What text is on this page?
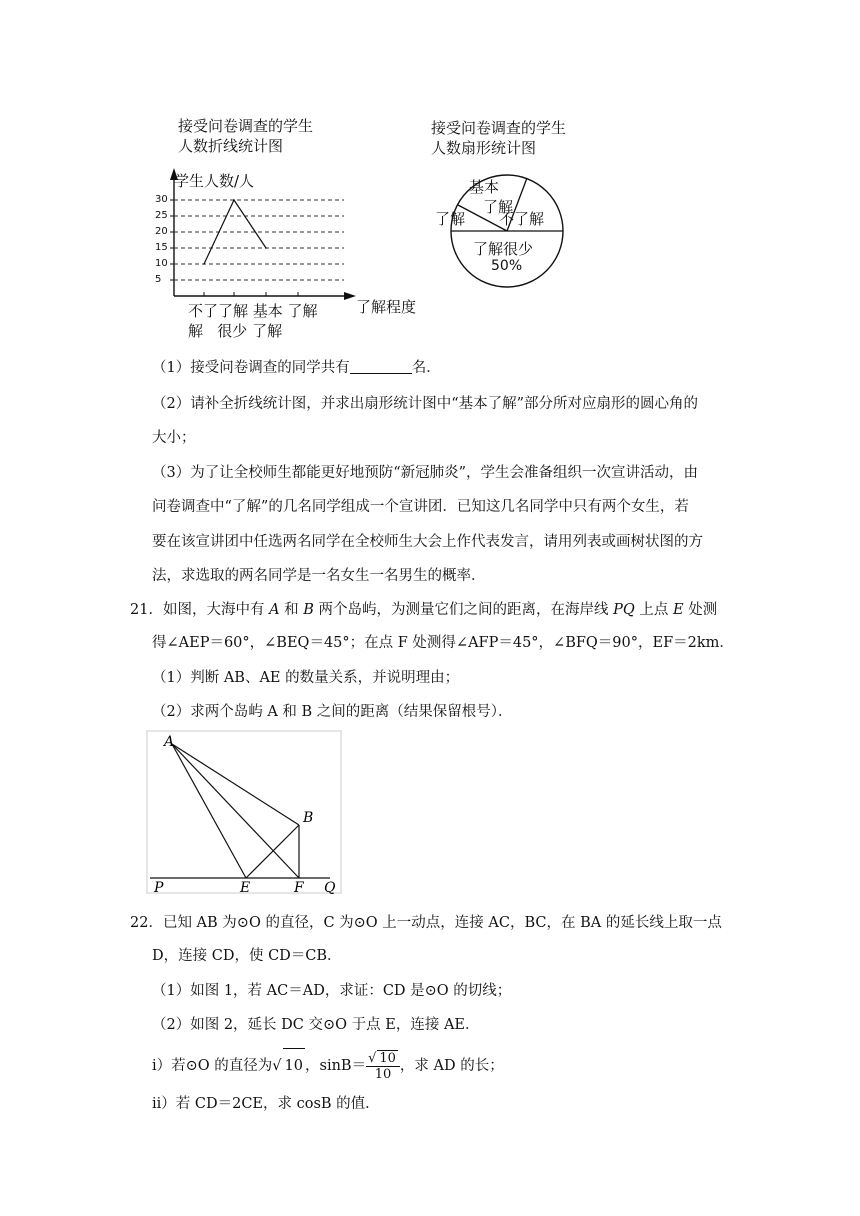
接受问卷调查的学生
人数折线统计图
学生人数/人
5
10
15
20
25
30
了解程度
不了了解 基本 了解
解   很少 了解
接受问卷调查的学生
人数扇形统计图
基本
了解
了解 不了解
了解很少
50%
（1）接受问卷调查的同学共有	名．
（2）请补全折线统计图，并求出扇形统计图中“基本了解”部分所对应扇形的圆心角的
大小；
（3）为了让全校师生都能更好地预防“新冠肺炎”，学生会准备组织一次宣讲活动，由
问卷调查中“了解”的几名同学组成一个宣讲团．已知这几名同学中只有两个女生，若
要在该宣讲团中任选两名同学在全校师生大会上作代表发言，请用列表或画树状图的方
法，求选取的两名同学是一名女生一名男生的概率．
21．如图，大海中有 A 和 B 两个岛屿，为测量它们之间的距离，在海岸线 PQ 上点 E 处测
得∠AEP＝60°，∠BEQ＝45°；在点 F 处测得∠AFP＝45°，∠BFQ＝90°，EF＝2km．
（1）判断 AB、AE 的数量关系，并说明理由；
（2）求两个岛屿 A 和 B 之间的距离（结果保留根号）．
A
B
P	E	F Q
22．已知 AB 为⊙O 的直径，C 为⊙O 上一动点，连接 AC，BC，在 BA 的延长线上取一点
D，连接 CD，使 CD＝CB．
（1）如图 1，若 AC＝AD，求证：CD 是⊙O 的切线；
（2）如图 2，延长 DC 交⊙O 于点 E，连接 AE．
i）若⊙O 的直径为√ 10 ，$\sin B= \frac{√ 10}{10}$ ，求 AD 的长；
ii）若 CD＝2CE，求 cosB 的值．
